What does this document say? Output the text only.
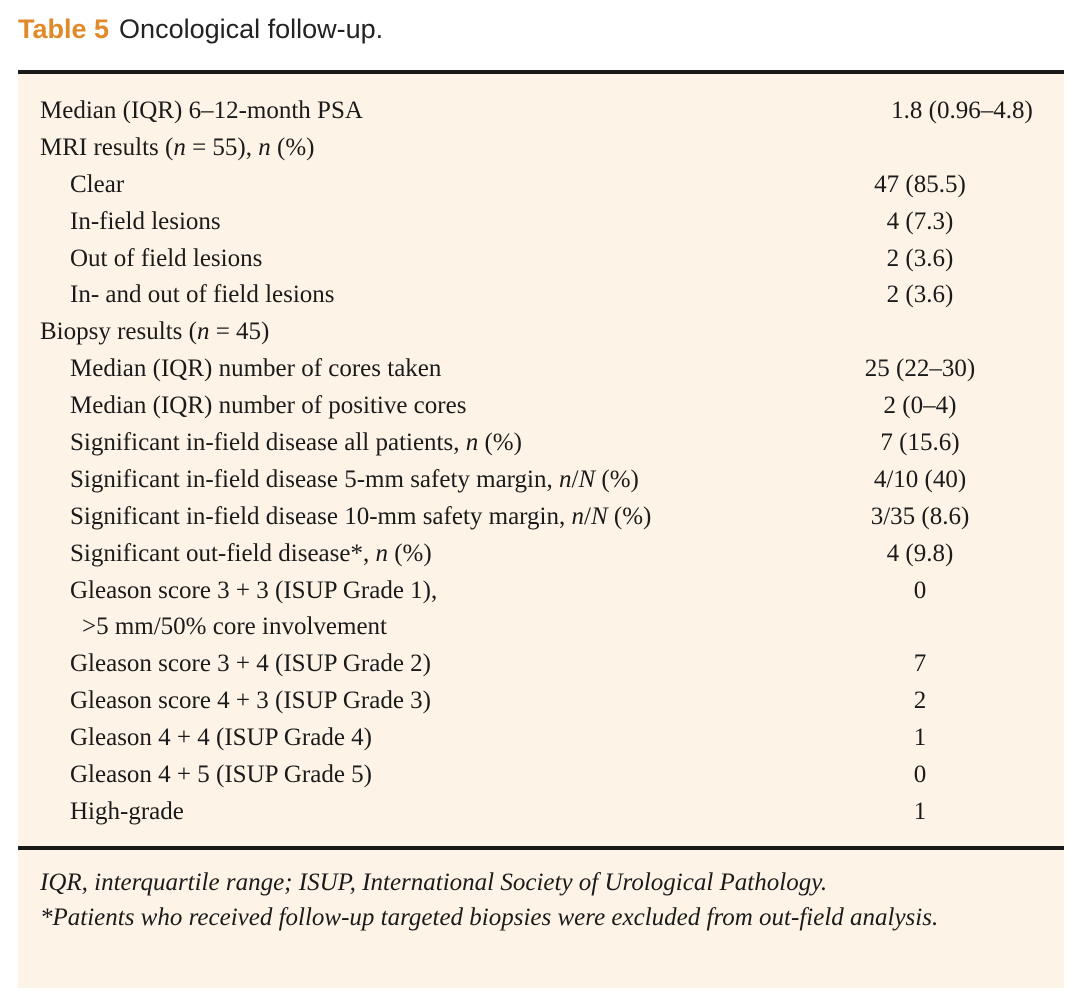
Table 5 Oncological follow-up.
Median (IQR) 6–12-month PSA	1.8 (0.96–4.8)
MRI results (n = 55), n (%)
Clear	47 (85.5)
In-field lesions	4 (7.3)
Out of field lesions	2 (3.6)
In- and out of field lesions	2 (3.6)
Biopsy results (n = 45)
Median (IQR) number of cores taken	25 (22–30)
Median (IQR) number of positive cores	2 (0–4)
Significant in-field disease all patients, n (%)	7 (15.6)
Significant in-field disease 5-mm safety margin, n/N (%)	4/10 (40)
Significant in-field disease 10-mm safety margin, n/N (%)	3/35 (8.6)
Significant out-field disease*, n (%)	4 (9.8)
Gleason score 3 + 3 (ISUP Grade 1),	0
>5 mm/50% core involvement
Gleason score 3 + 4 (ISUP Grade 2)	7
Gleason score 4 + 3 (ISUP Grade 3)	2
Gleason 4 + 4 (ISUP Grade 4)	1
Gleason 4 + 5 (ISUP Grade 5)	0
High-grade	1

IQR, interquartile range; ISUP, International Society of Urological Pathology.

*Patients who received follow-up targeted biopsies were excluded from out-field analysis.
